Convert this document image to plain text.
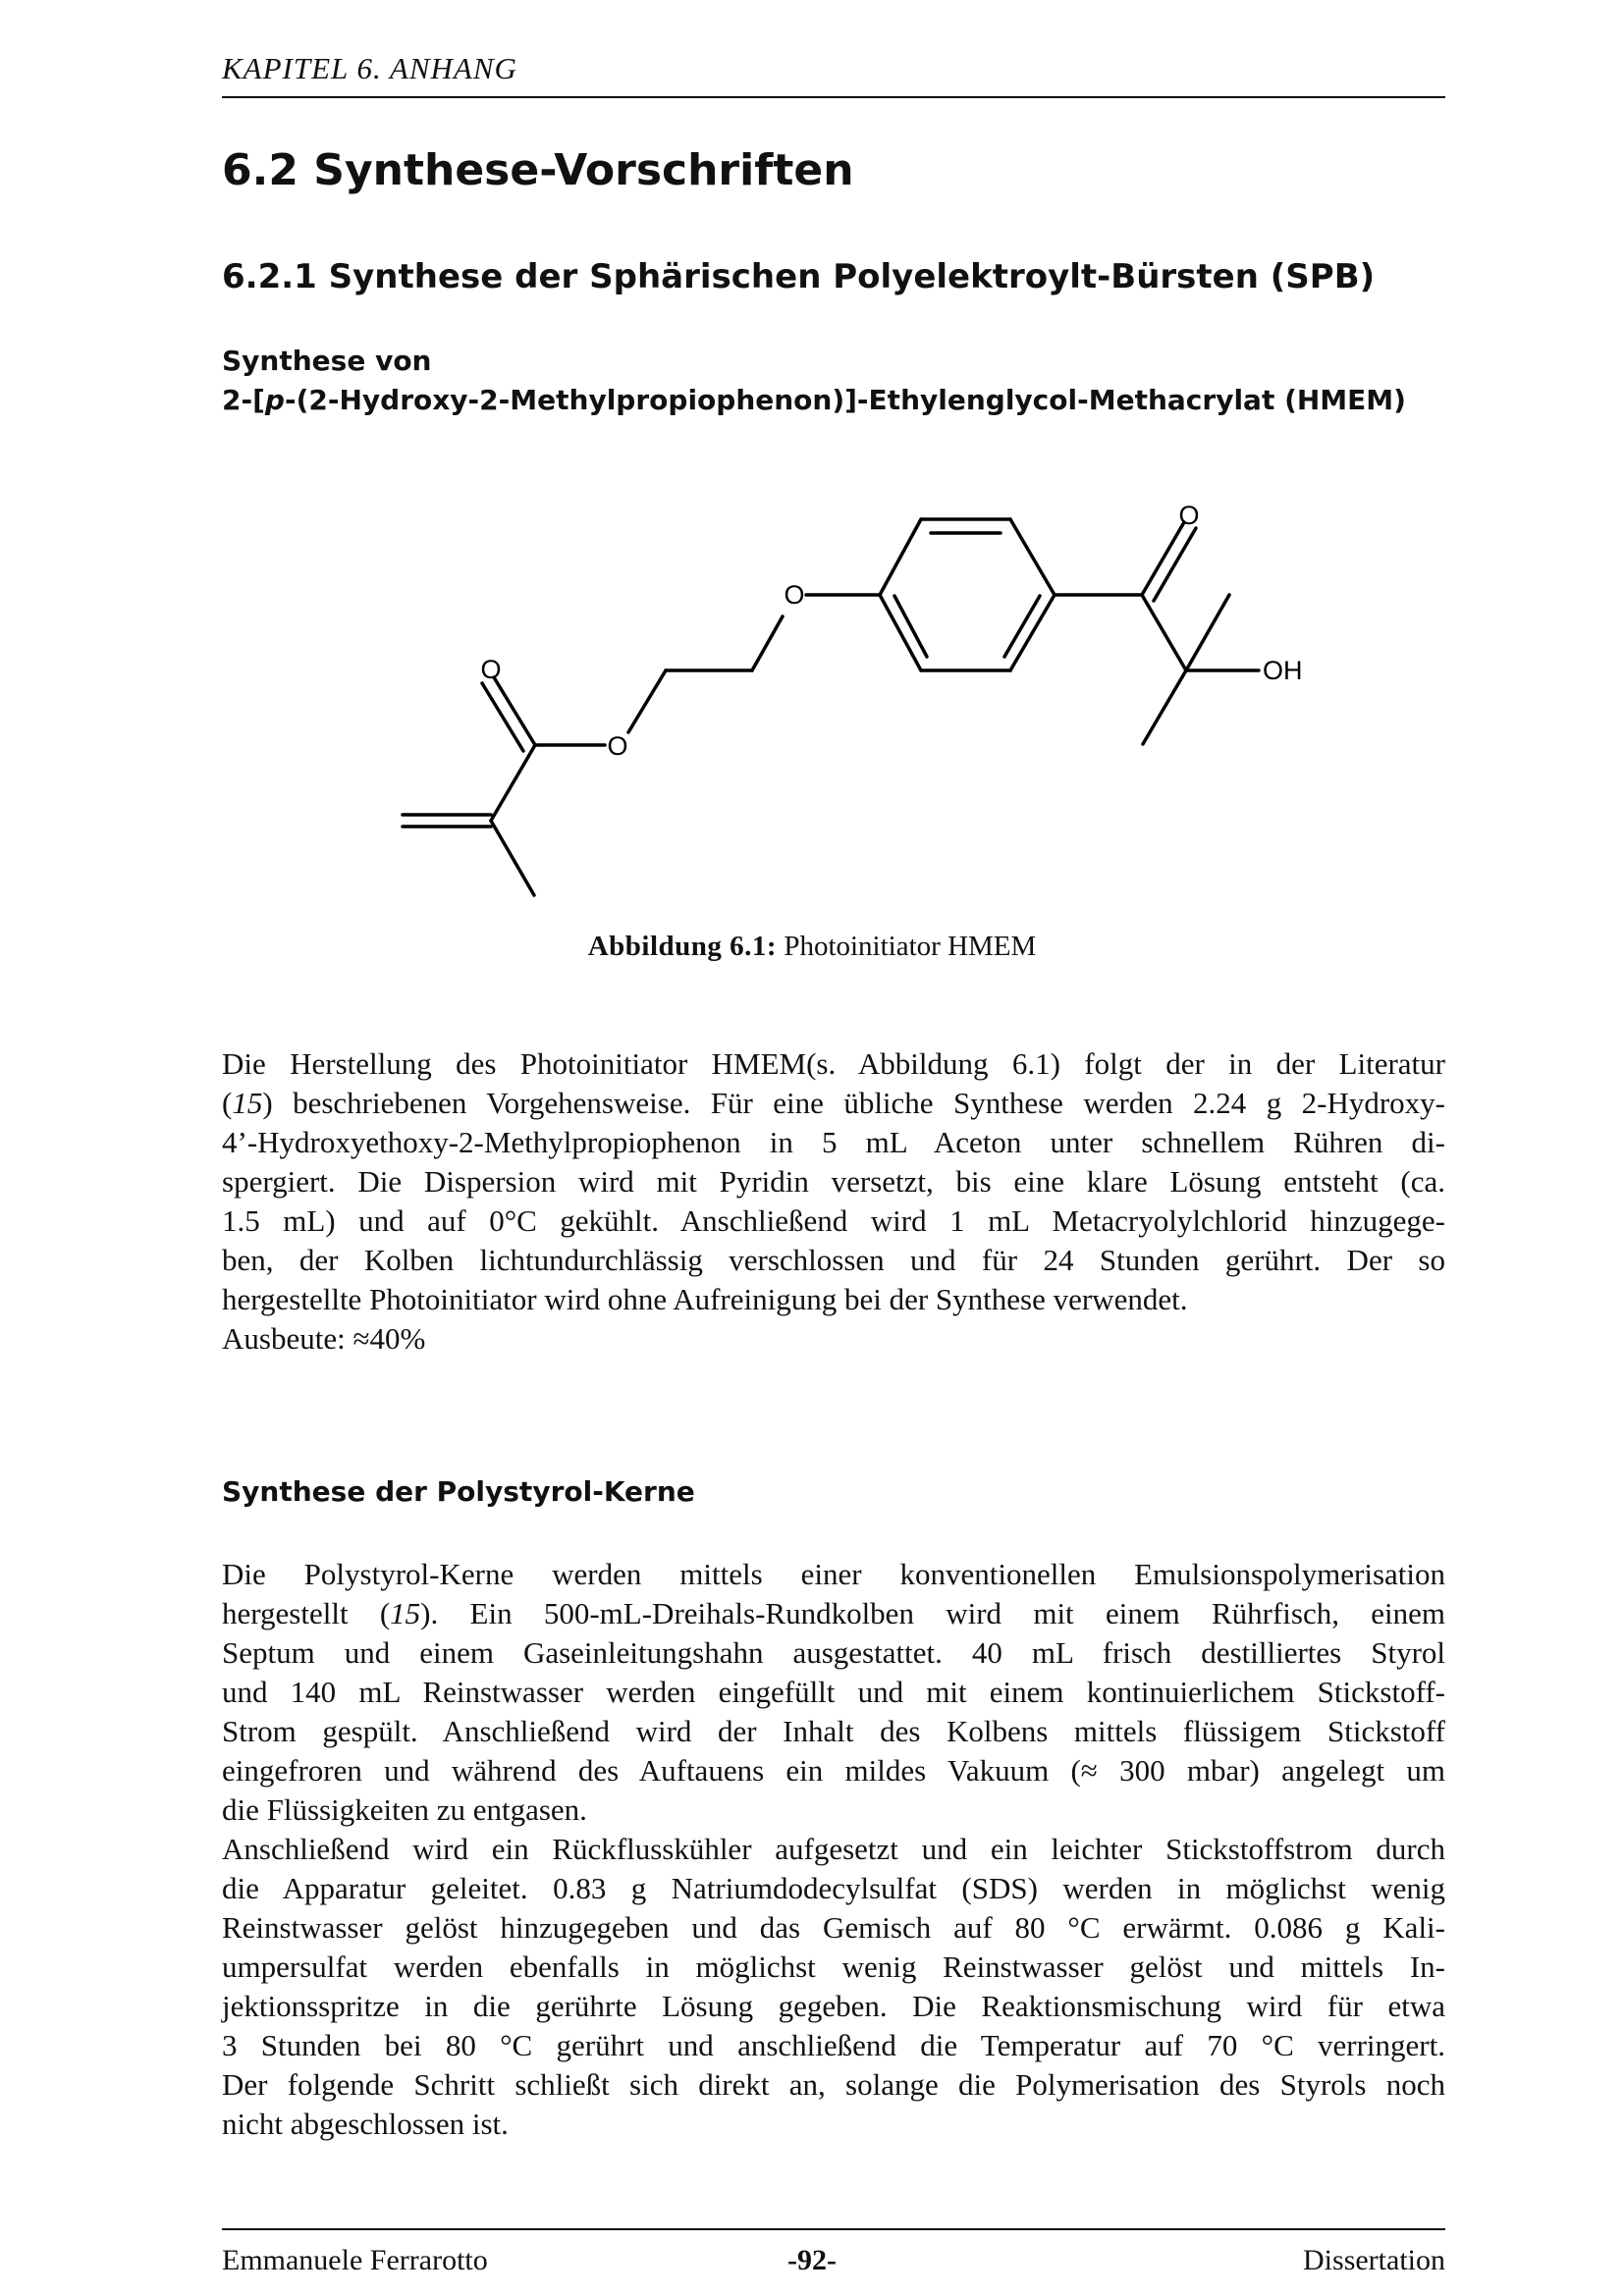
KAPITEL 6. ANHANG
6.2 Synthese-Vorschriften
6.2.1 Synthese der Sphärischen Polyelektroylt-Bürsten (SPB)
Synthese von
2-[p-(2-Hydroxy-2-Methylpropiophenon)]-Ethylenglycol-Methacrylat (HMEM)
O
O
O
O
OH
Abbildung 6.1: Photoinitiator HMEM
Die Herstellung des Photoinitiator HMEM(s. Abbildung 6.1) folgt der in der Literatur
(15) beschriebenen Vorgehensweise. Für eine übliche Synthese werden 2.24 g 2-Hydroxy-
4’-Hydroxyethoxy-2-Methylpropiophenon in 5 mL Aceton unter schnellem Rühren di-
spergiert. Die Dispersion wird mit Pyridin versetzt, bis eine klare Lösung entsteht (ca.
1.5 mL) und auf 0°C gekühlt. Anschließend wird 1 mL Metacryolylchlorid hinzugege-
ben, der Kolben lichtundurchlässig verschlossen und für 24 Stunden gerührt. Der so
hergestellte Photoinitiator wird ohne Aufreinigung bei der Synthese verwendet.
Ausbeute: ≈40%
Synthese der Polystyrol-Kerne
Die Polystyrol-Kerne werden mittels einer konventionellen Emulsionspolymerisation
hergestellt (15). Ein 500-mL-Dreihals-Rundkolben wird mit einem Rührfisch, einem
Septum und einem Gaseinleitungshahn ausgestattet. 40 mL frisch destilliertes Styrol
und 140 mL Reinstwasser werden eingefüllt und mit einem kontinuierlichem Stickstoff-
Strom gespült. Anschließend wird der Inhalt des Kolbens mittels flüssigem Stickstoff
eingefroren und während des Auftauens ein mildes Vakuum (≈ 300 mbar) angelegt um
die Flüssigkeiten zu entgasen.
Anschließend wird ein Rückflusskühler aufgesetzt und ein leichter Stickstoffstrom durch
die Apparatur geleitet. 0.83 g Natriumdodecylsulfat (SDS) werden in möglichst wenig
Reinstwasser gelöst hinzugegeben und das Gemisch auf 80 °C erwärmt. 0.086 g Kali-
umpersulfat werden ebenfalls in möglichst wenig Reinstwasser gelöst und mittels In-
jektionsspritze in die gerührte Lösung gegeben. Die Reaktionsmischung wird für etwa
3 Stunden bei 80 °C gerührt und anschließend die Temperatur auf 70 °C verringert.
Der folgende Schritt schließt sich direkt an, solange die Polymerisation des Styrols noch
nicht abgeschlossen ist.
Emmanuele Ferrarotto	-92-	Dissertation
